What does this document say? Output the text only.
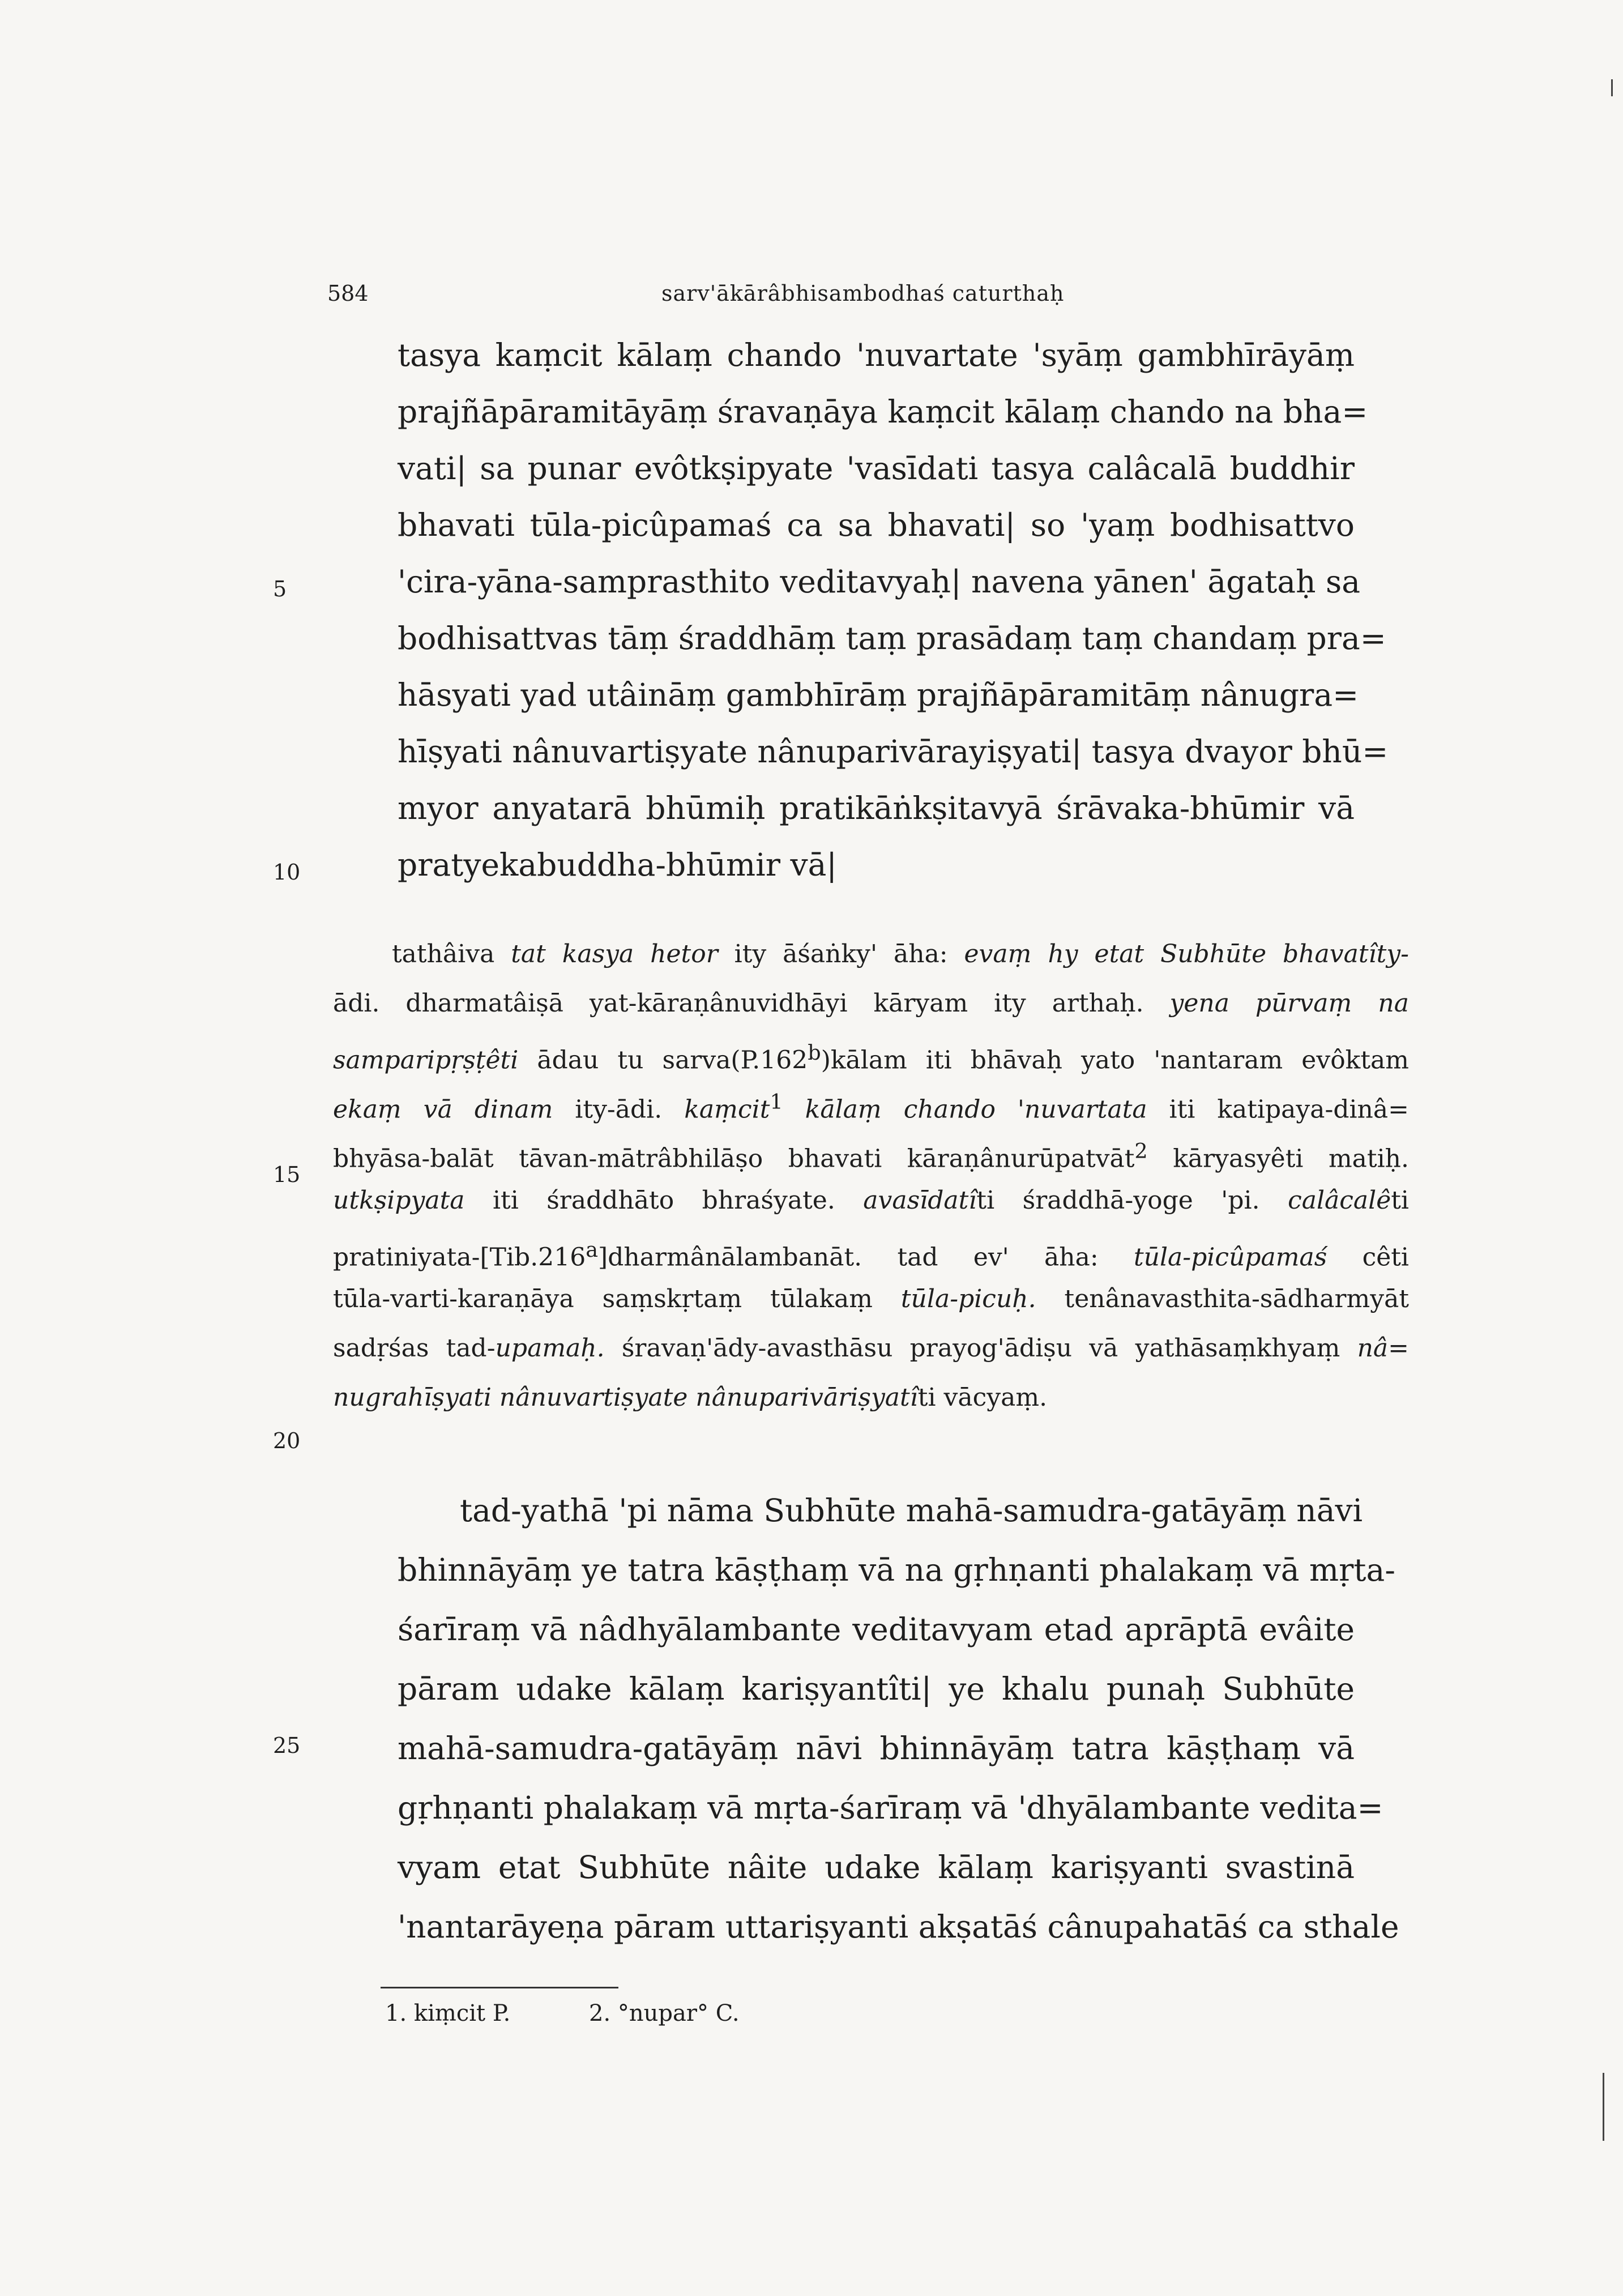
584	sarv'ākārâbhisambodhaś caturthaḥ
tasya kaṃcit kālaṃ chando 'nuvartate 'syāṃ gambhīrāyāṃ
prajñāpāramitāyāṃ śravaṇāya kaṃcit kālaṃ chando na bha=
vati| sa punar evôtkṣipyate 'vasīdati tasya calâcalā buddhir
bhavati tūla-picûpamaś ca sa bhavati| so 'yaṃ bodhisattvo
'cira-yāna-samprasthito veditavyaḥ| navena yānen' āgataḥ sa
bodhisattvas tāṃ śraddhāṃ taṃ prasādaṃ taṃ chandaṃ pra=
hāsyati yad utâināṃ gambhīrāṃ prajñāpāramitāṃ nânugra=
hīṣyati nânuvartiṣyate nânuparivārayiṣyati| tasya dvayor bhū=
myor anyatarā bhūmiḥ pratikāṅkṣitavyā śrāvaka-bhūmir vā
pratyekabuddha-bhūmir vā|
5
10
15
20
25
tathâiva tat kasya hetor ity āśaṅky' āha: evaṃ hy etat Subhūte bhavatîty-
ādi. dharmatâiṣā yat-kāraṇânuvidhāyi kāryam ity arthaḥ. yena pūrvaṃ na
samparipṛṣṭêti ādau tu sarva(P.162$^b$)kālam iti bhāvaḥ yato 'nantaram evôktam
ekaṃ vā dinam ity-ādi. kaṃcit$^1$ kālaṃ chando 'nuvartata iti katipaya-dinâ=
bhyāsa-balāt tāvan-mātrâbhilāṣo bhavati kāraṇânurūpatvāt$^2$ kāryasyêti matiḥ.
utkṣipyata iti śraddhāto bhraśyate. avasīdatîti śraddhā-yoge 'pi. calâcalêti
pratiniyata-[Tib.216$^a$]dharmânālambanāt. tad ev' āha: tūla-picûpamaś cêti
tūla-varti-karaṇāya saṃskṛtaṃ tūlakaṃ tūla-picuḥ. tenânavasthita-sādharmyāt
sadṛśas tad-upamaḥ. śravaṇ'ādy-avasthāsu prayog'ādiṣu vā yathāsaṃkhyaṃ nâ=
nugrahīṣyati nânuvartiṣyate nânuparivāriṣyatîti vācyaṃ.
tad-yathā 'pi nāma Subhūte mahā-samudra-gatāyāṃ nāvi
bhinnāyāṃ ye tatra kāṣṭhaṃ vā na gṛhṇanti phalakaṃ vā mṛta-
śarīraṃ vā nâdhyālambante veditavyam etad aprāptā evâite
pāram udake kālaṃ kariṣyantîti| ye khalu punaḥ Subhūte
mahā-samudra-gatāyāṃ nāvi bhinnāyāṃ tatra kāṣṭhaṃ vā
gṛhṇanti phalakaṃ vā mṛta-śarīraṃ vā 'dhyālambante vedita=
vyam etat Subhūte nâite udake kālaṃ kariṣyanti svastinā
'nantarāyeṇa pāram uttariṣyanti akṣatāś cânupahatāś ca sthale
1. kiṃcit P.	2. °nupar° C.
